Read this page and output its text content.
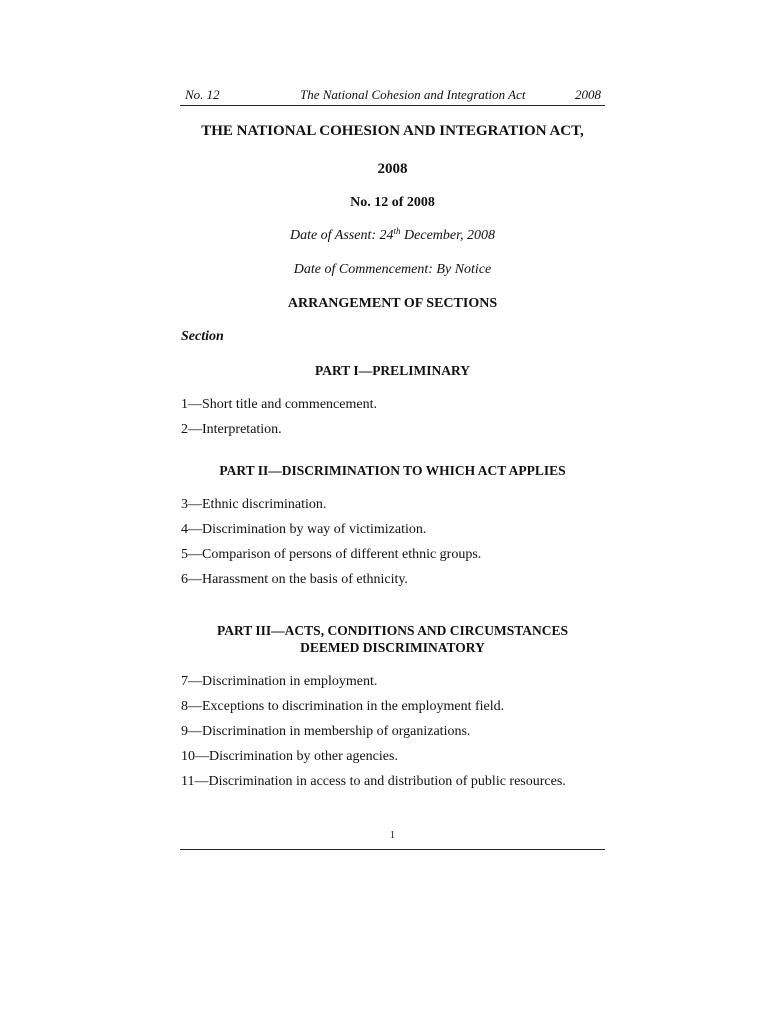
No. 12	The National Cohesion and Integration Act	2008
THE NATIONAL COHESION AND INTEGRATION ACT,
2008
No. 12 of 2008
Date of Assent: 24th December, 2008
Date of Commencement: By Notice
ARRANGEMENT OF SECTIONS
Section
PART I—PRELIMINARY
1—Short title and commencement.
2—Interpretation.
PART II—DISCRIMINATION TO WHICH ACT APPLIES
3—Ethnic discrimination.
4—Discrimination by way of victimization.
5—Comparison of persons of different ethnic groups.
6—Harassment on the basis of ethnicity.
PART III—ACTS, CONDITIONS AND CIRCUMSTANCES
DEEMED DISCRIMINATORY
7—Discrimination in employment.
8—Exceptions to discrimination in the employment field.
9—Discrimination in membership of organizations.
10—Discrimination by other agencies.
11—Discrimination in access to and distribution of public resources.
1
